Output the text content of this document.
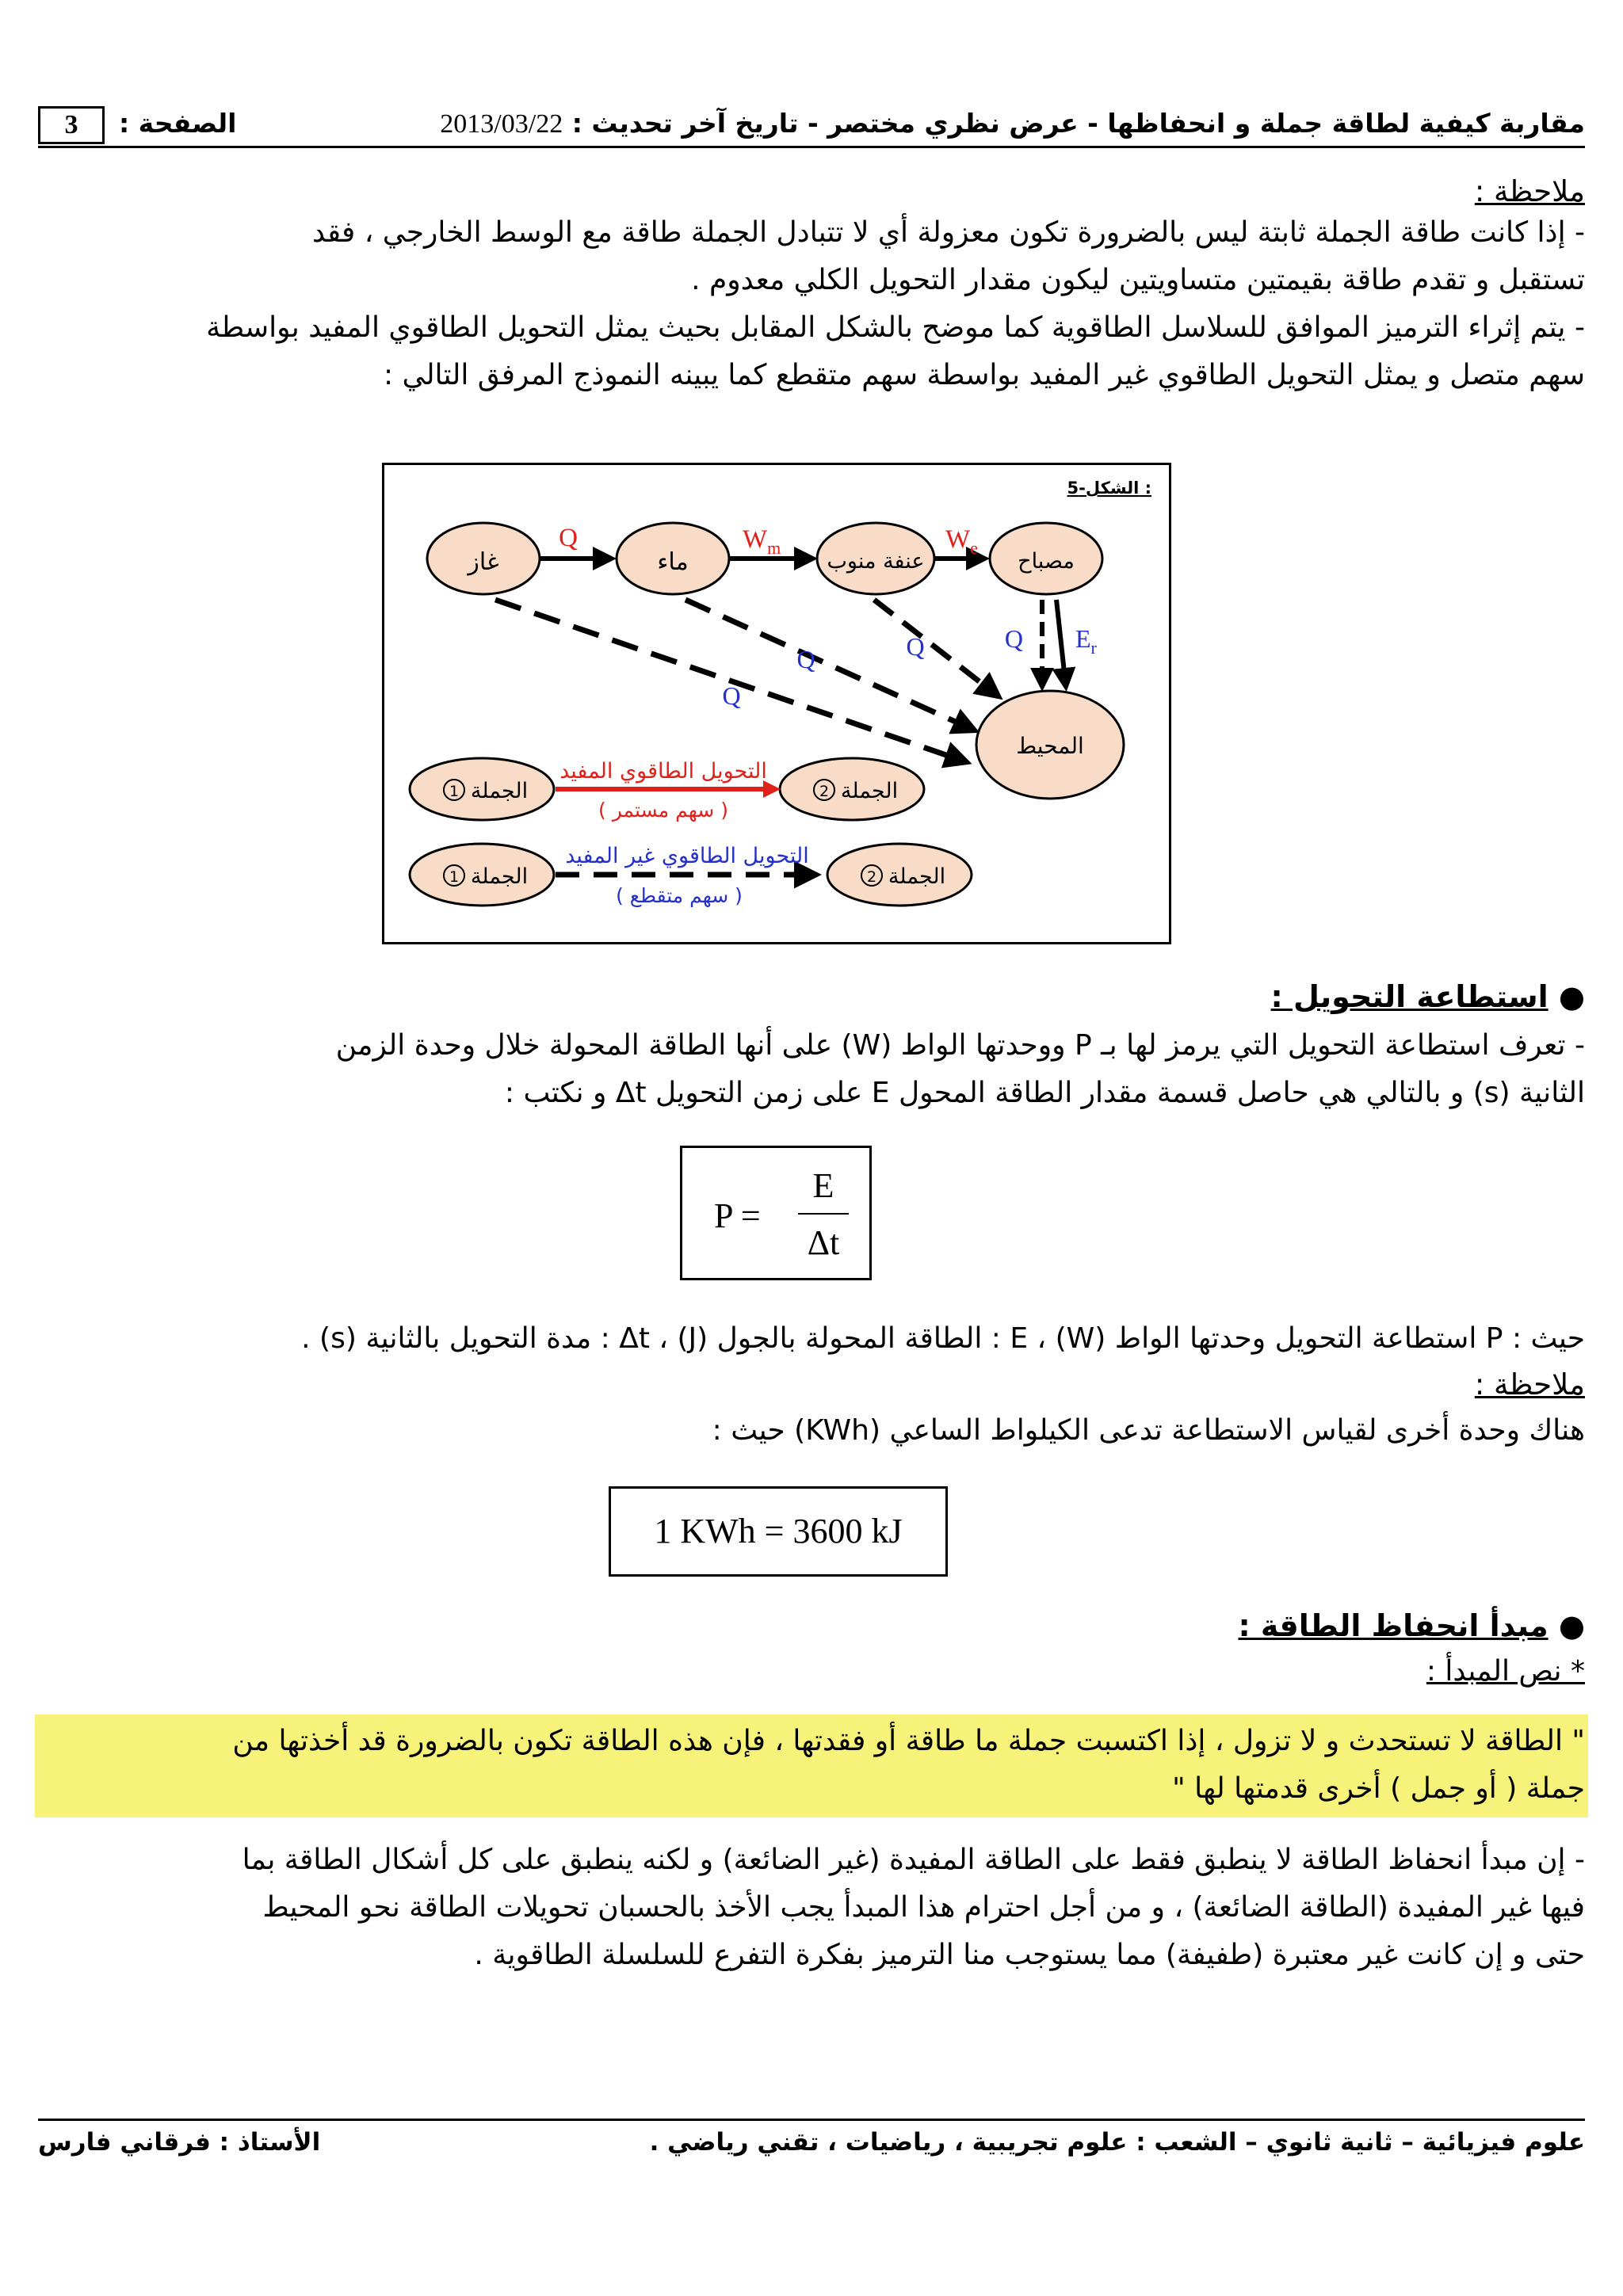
مقاربة كيفية لطاقة جملة و انحفاظها - عرض نظري مختصر - تاريخ آخر تحديث : 2013/03/22
الصفحة :
3
ملاحظة :
- إذا كانت طاقة الجملة ثابتة ليس بالضرورة تكون معزولة أي لا تتبادل الجملة طاقة مع الوسط الخارجي ، فقد
تستقبل و تقدم طاقة بقيمتين متساويتين ليكون مقدار التحويل الكلي معدوم .
- يتم إثراء الترميز الموافق للسلاسل الطاقوية كما موضح بالشكل المقابل بحيث يمثل التحويل الطاقوي المفيد بواسطة
سهم متصل و يمثل التحويل الطاقوي غير المفيد بواسطة سهم متقطع كما يبينه النموذج المرفق التالي :
الشكل-5 :
غاز	ماء	عنفة منوب	مصباح
المحيط
Q	$W_m$	$W_e$
Q $E_r$
Q
Q	Q
الجملة
1	الجملة
2
التحويل الطاقوي المفيد
( سهم مستمر )
الجملة
1	الجملة
2
التحويل الطاقوي غير المفيد
( سهم متقطع )
● استطاعة التحويل :
- تعرف استطاعة التحويل التي يرمز لها بـ P ووحدتها الواط (W) على أنها الطاقة المحولة خلال وحدة الزمن
الثانية (s) و بالتالي هي حاصل قسمة مقدار الطاقة المحول E على زمن التحويل Δt و نكتب :
P =
E
Δt
حيث : P استطاعة التحويل وحدتها الواط (W) ، E : الطاقة المحولة بالجول (J) ، Δt : مدة التحويل بالثانية (s) .
ملاحظة :
هناك وحدة أخرى لقياس الاستطاعة تدعى الكيلواط الساعي (KWh) حيث :
1 KWh = 3600 kJ
● مبدأ انحفاظ الطاقة :
* نص المبدأ :
" الطاقة لا تستحدث و لا تزول ، إذا اكتسبت جملة ما طاقة أو فقدتها ، فإن هذه الطاقة تكون بالضرورة قد أخذتها من
جملة ( أو جمل ) أخرى قدمتها لها "
- إن مبدأ انحفاظ الطاقة لا ينطبق فقط على الطاقة المفيدة (غير الضائعة) و لكنه ينطبق على كل أشكال الطاقة بما
فيها غير المفيدة (الطاقة الضائعة) ، و من أجل احترام هذا المبدأ يجب الأخذ بالحسبان تحويلات الطاقة نحو المحيط
حتى و إن كانت غير معتبرة (طفيفة) مما يستوجب منا الترميز بفكرة التفرع للسلسلة الطاقوية .
علوم فيزيائية – ثانية ثانوي – الشعب : علوم تجريبية ، رياضيات ، تقني رياضي .
الأستاذ : فرقاني فارس
